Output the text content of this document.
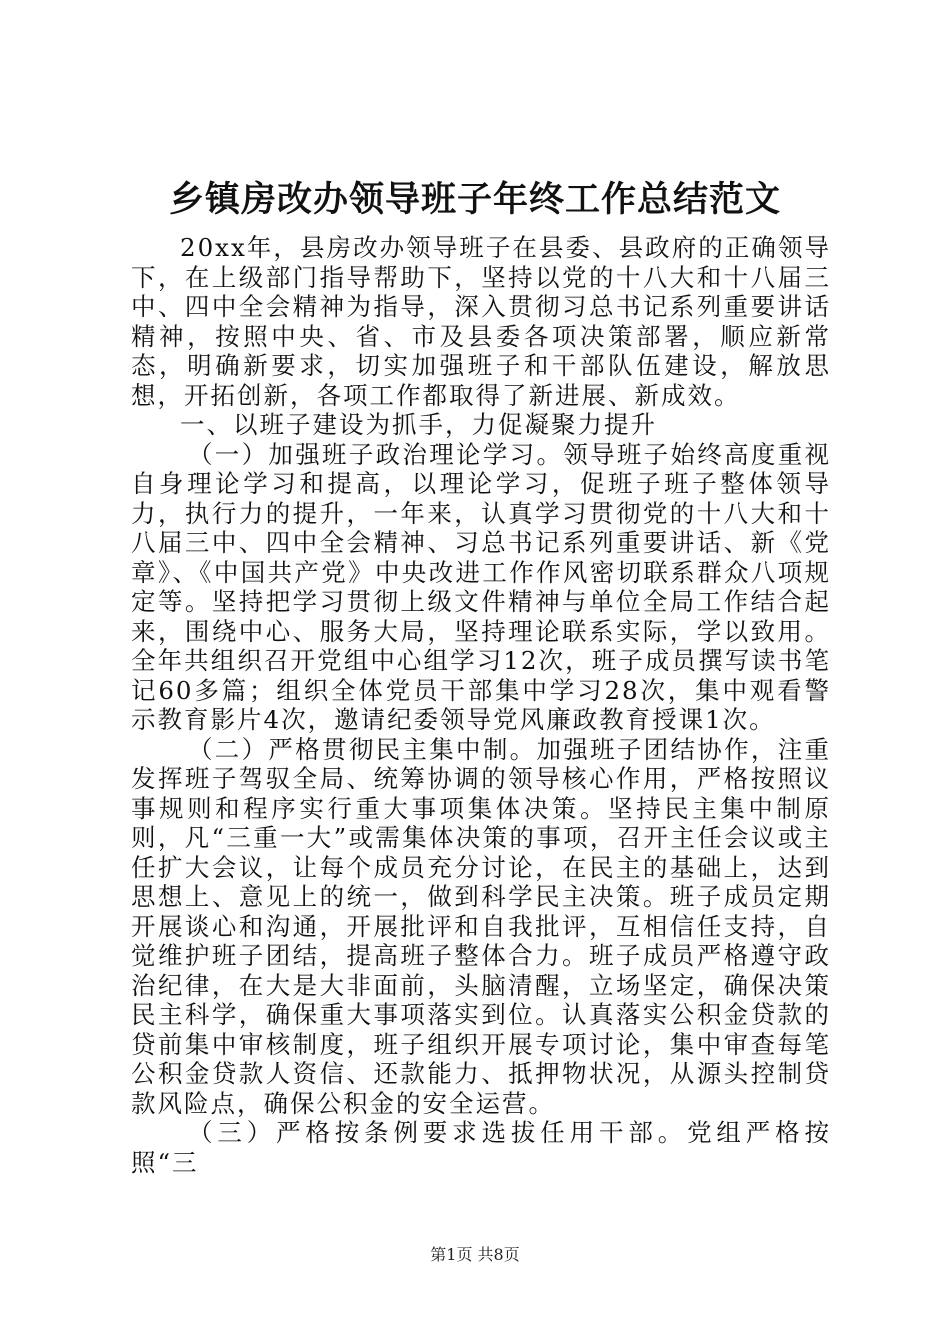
乡镇房改办领导班子年终工作总结范文

20xx年，县房改办领导班子在县委、县政府的正确领导下，在上级部门指导帮助下，坚持以党的十八大和十八届三中、四中全会精神为指导，深入贯彻习总书记系列重要讲话精神，按照中央、省、市及县委各项决策部署，顺应新常态，明确新要求，切实加强班子和干部队伍建设，解放思想，开拓创新，各项工作都取得了新进展、新成效。

一、以班子建设为抓手，力促凝聚力提升

（一）加强班子政治理论学习。领导班子始终高度重视自身理论学习和提高，以理论学习，促班子班子整体领导力，执行力的提升，一年来，认真学习贯彻党的十八大和十八届三中、四中全会精神、习总书记系列重要讲话、新《党章》、《中国共产党》中央改进工作作风密切联系群众八项规定等。坚持把学习贯彻上级文件精神与单位全局工作结合起来，围绕中心、服务大局，坚持理论联系实际，学以致用。全年共组织召开党组中心组学习12次，班子成员撰写读书笔记60多篇；组织全体党员干部集中学习28次，集中观看警示教育影片4次，邀请纪委领导党风廉政教育授课1次。

（二）严格贯彻民主集中制。加强班子团结协作，注重发挥班子驾驭全局、统筹协调的领导核心作用，严格按照议事规则和程序实行重大事项集体决策。坚持民主集中制原则，凡“三重一大”或需集体决策的事项，召开主任会议或主任扩大会议，让每个成员充分讨论，在民主的基础上，达到思想上、意见上的统一，做到科学民主决策。班子成员定期开展谈心和沟通，开展批评和自我批评，互相信任支持，自觉维护班子团结，提高班子整体合力。班子成员严格遵守政治纪律，在大是大非面前，头脑清醒，立场坚定，确保决策民主科学，确保重大事项落实到位。认真落实公积金贷款的贷前集中审核制度，班子组织开展专项讨论，集中审查每笔公积金贷款人资信、还款能力、抵押物状况，从源头控制贷款风险点，确保公积金的安全运营。

（三）严格按条例要求选拔任用干部。党组严格按照“三

第1页 共8页
